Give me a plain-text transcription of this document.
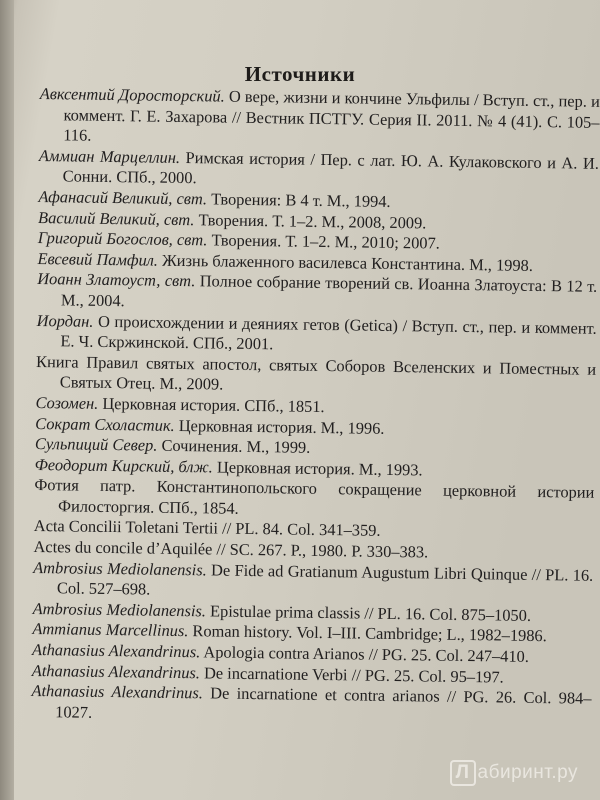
Источники

Авксентий Доросторский. О вере, жизни и кончине Ульфилы / Вступ. ст., пер. и коммент. Г. Е. Захарова // Вестник ПСТГУ. Серия II. 2011. № 4 (41). С. 105–116.

Аммиан Марцеллин. Римская история / Пер. с лат. Ю. А. Кулаковского и А. И. Сонни. СПб., 2000.

Афанасий Великий, свт. Творения: В 4 т. М., 1994.

Василий Великий, свт. Творения. Т. 1–2. М., 2008, 2009.

Григорий Богослов, свт. Творения. Т. 1–2. М., 2010; 2007.

Евсевий Памфил. Жизнь блаженного василевса Константина. М., 1998.

Иоанн Златоуст, свт. Полное собрание творений св. Иоанна Златоуста: В 12 т. М., 2004.

Иордан. О происхождении и деяниях гетов (Getica) / Вступ. ст., пер. и коммент. Е. Ч. Скржинской. СПб., 2001.

Книга Правил святых апостол, святых Соборов Вселенских и Поместных и Святых Отец. М., 2009.

Созомен. Церковная история. СПб., 1851.

Сократ Схоластик. Церковная история. М., 1996.

Сульпиций Север. Сочинения. М., 1999.

Феодорит Кирский, блж. Церковная история. М., 1993.

Фотия патр. Константинопольского сокращение церковной истории Филосторгия. СПб., 1854.

Acta Concilii Toletani Tertii // PL. 84. Col. 341–359.

Actes du concile d’Aquilée // SC. 267. P., 1980. P. 330–383.

Ambrosius Mediolanensis. De Fide ad Gratianum Augustum Libri Quinque // PL. 16. Col. 527–698.

Ambrosius Mediolanensis. Epistulae prima classis // PL. 16. Col. 875–1050.

Ammianus Marcellinus. Roman history. Vol. I–III. Cambridge; L., 1982–1986.

Athanasius Alexandrinus. Apologia contra Arianos // PG. 25. Col. 247–410.

Athanasius Alexandrinus. De incarnatione Verbi // PG. 25. Col. 95–197.

Athanasius Alexandrinus. De incarnatione et contra arianos // PG. 26. Col. 984–1027.

Л абиринт.ру
